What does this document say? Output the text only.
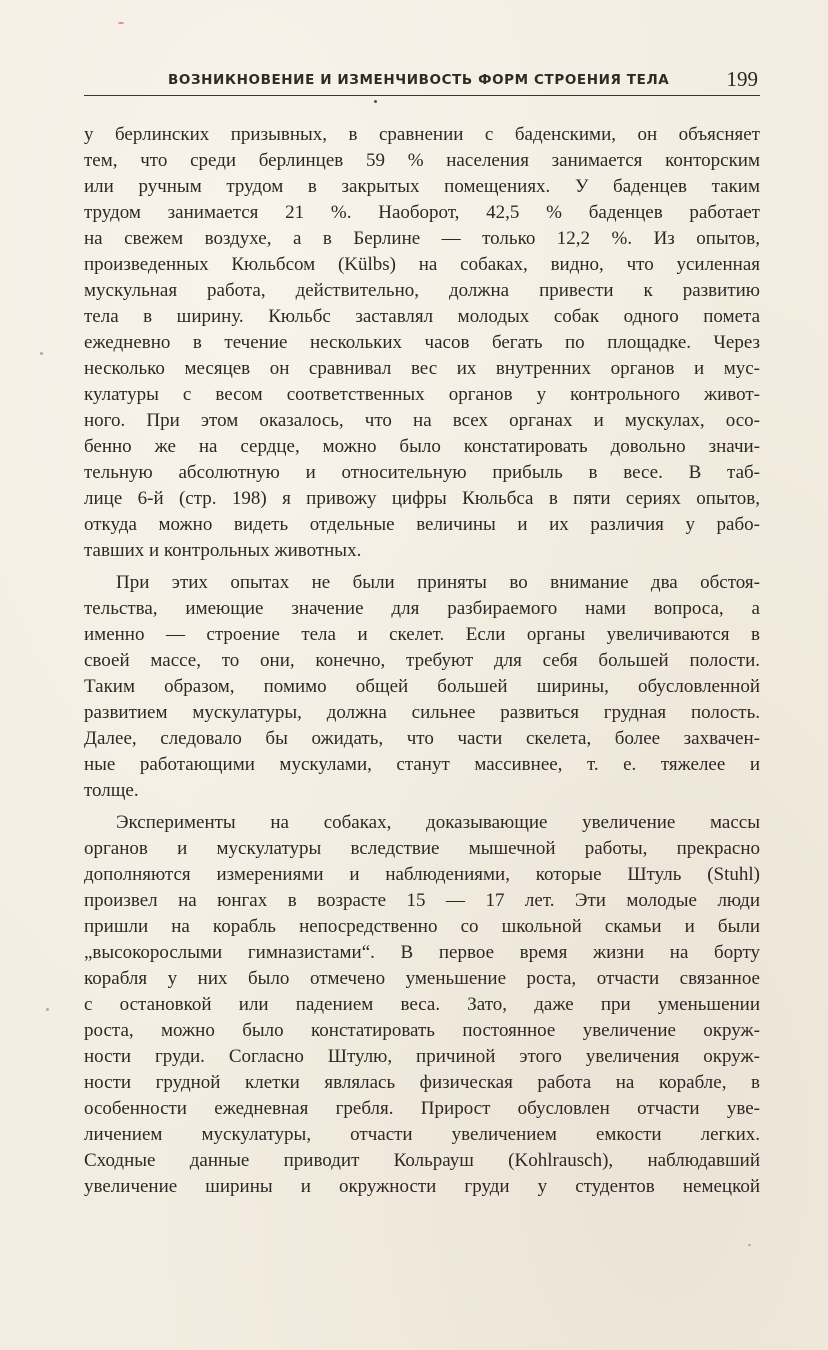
ВОЗНИКНОВЕНИЕ И ИЗМЕНЧИВОСТЬ ФОРМ СТРОЕНИЯ ТЕЛА	199
у берлинских призывных, в сравнении с баденскими, он объясняет
тем, что среди берлинцев 59 % населения занимается конторским
или ручным трудом в закрытых помещениях. У баденцев таким
трудом занимается 21 %. Наоборот, 42,5 % баденцев работает
на свежем воздухе, а в Берлине — только 12,2 %. Из опытов,
произведенных Кюльбсом (Külbs) на собаках, видно, что усиленная
мускульная работа, действительно, должна привести к развитию
тела в ширину. Кюльбс заставлял молодых собак одного помета
ежедневно в течение нескольких часов бегать по площадке. Через
несколько месяцев он сравнивал вес их внутренних органов и мус-
кулатуры с весом соответственных органов у контрольного живот-
ного. При этом оказалось, что на всех органах и мускулах, осо-
бенно же на сердце, можно было констатировать довольно значи-
тельную абсолютную и относительную прибыль в весе. В таб-
лице 6-й (стр. 198) я привожу цифры Кюльбса в пяти сериях опытов,
откуда можно видеть отдельные величины и их различия у рабо-
тавших и контрольных животных.
При этих опытах не были приняты во внимание два обстоя-
тельства, имеющие значение для разбираемого нами вопроса, а
именно — строение тела и скелет. Если органы увеличиваются в
своей массе, то они, конечно, требуют для себя большей полости.
Таким образом, помимо общей большей ширины, обусловленной
развитием мускулатуры, должна сильнее развиться грудная полость.
Далее, следовало бы ожидать, что части скелета, более захвачен-
ные работающими мускулами, станут массивнее, т. е. тяжелее и
толще.
Эксперименты на собаках, доказывающие увеличение массы
органов и мускулатуры вследствие мышечной работы, прекрасно
дополняются измерениями и наблюдениями, которые Штуль (Stuhl)
произвел на юнгах в возрасте 15 — 17 лет. Эти молодые люди
пришли на корабль непосредственно со школьной скамьи и были
„высокорослыми гимназистами“. В первое время жизни на борту
корабля у них было отмечено уменьшение роста, отчасти связанное
с остановкой или падением веса. Зато, даже при уменьшении
роста, можно было констатировать постоянное увеличение окруж-
ности груди. Согласно Штулю, причиной этого увеличения окруж-
ности грудной клетки являлась физическая работа на корабле, в
особенности ежедневная гребля. Прирост обусловлен отчасти уве-
личением мускулатуры, отчасти увеличением емкости легких.
Сходные данные приводит Кольрауш (Kohlrausch), наблюдавший
увеличение ширины и окружности груди у студентов немецкой
